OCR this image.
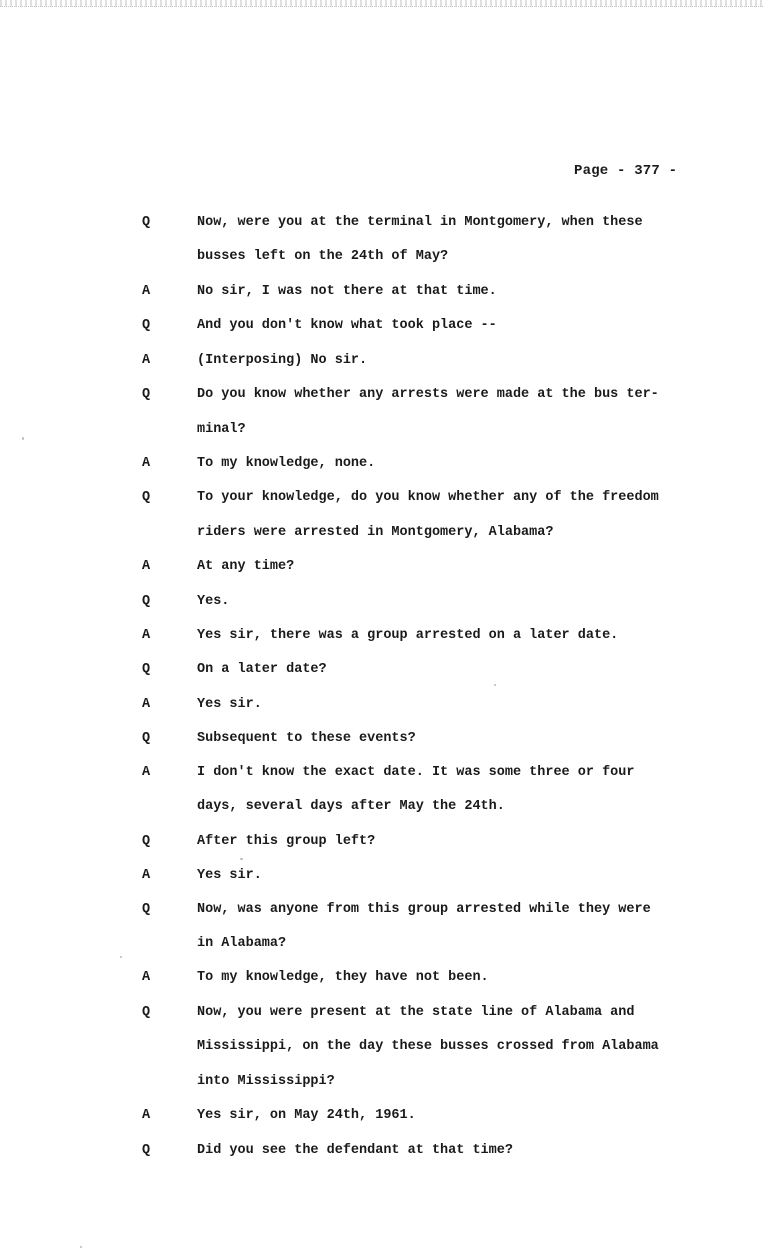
Page - 377 -
Q	Now, were you at the terminal in Montgomery, when these
busses left on the 24th of May?
A	No sir, I was not there at that time.
Q	And you don't know what took place --
A	(Interposing) No sir.
Q	Do you know whether any arrests were made at the bus ter-
minal?
A	To my knowledge, none.
Q	To your knowledge, do you know whether any of the freedom
riders were arrested in Montgomery, Alabama?
A	At any time?
Q	Yes.
A	Yes sir, there was a group arrested on a later date.
Q	On a later date?
A	Yes sir.
Q	Subsequent to these events?
A	I don't know the exact date. It was some three or four
days, several days after May the 24th.
Q	After this group left?
A	Yes sir.
Q	Now, was anyone from this group arrested while they were
in Alabama?
A	To my knowledge, they have not been.
Q	Now, you were present at the state line of Alabama and
Mississippi, on the day these busses crossed from Alabama
into Mississippi?
A	Yes sir, on May 24th, 1961.
Q	Did you see the defendant at that time?
